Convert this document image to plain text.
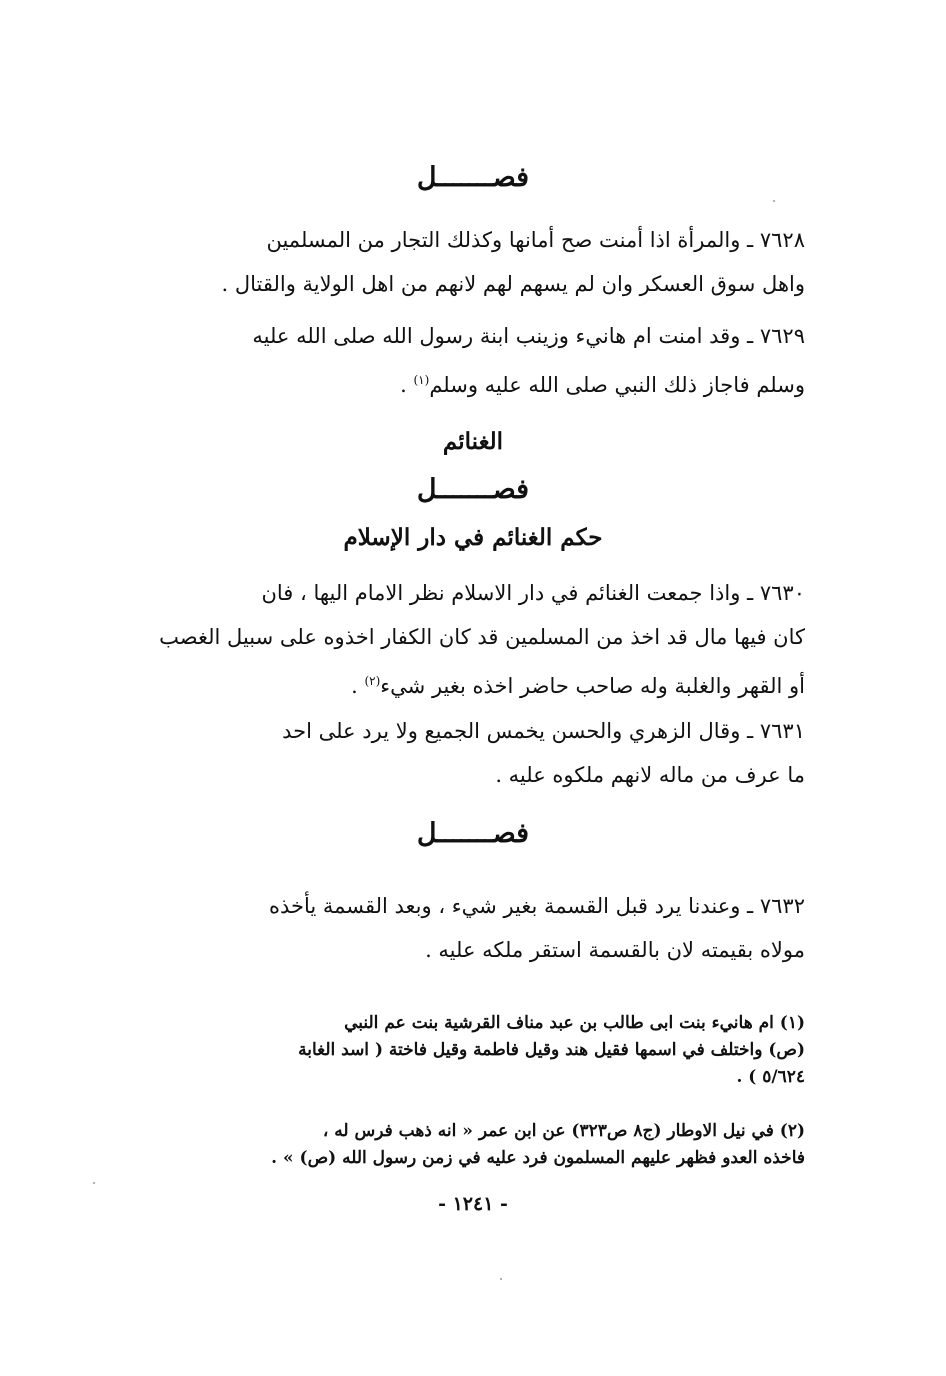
فصـــــــل
٧٦٢٨ ـ والمرأة اذا أمنت صح أمانها وكذلك التجار من المسلمين
واهل سوق العسكر وان لم يسهم لهم لانهم من اهل الولاية والقتال .
٧٦٢٩ ـ وقد امنت ام هانيء وزينب ابنة رسول الله صلى الله عليه
وسلم فاجاز ذلك النبي صلى الله عليه وسلم$^{(١)}$ .
الغنائم
فصـــــــل
حكم الغنائم في دار الإسلام
٧٦٣٠ ـ واذا جمعت الغنائم في دار الاسلام نظر الامام اليها ، فان
كان فيها مال قد اخذ من المسلمين قد كان الكفار اخذوه على سبيل الغصب
أو القهر والغلبة وله صاحب حاضر اخذه بغير شيء$^{(٢)}$ .
٧٦٣١ ـ وقال الزهري والحسن يخمس الجميع ولا يرد على احد
ما عرف من ماله لانهم ملكوه عليه .
فصـــــــل
٧٦٣٢ ـ وعندنا يرد قبل القسمة بغير شيء ، وبعد القسمة يأخذه
مولاه بقيمته لان بالقسمة استقر ملكه عليه .
(١) ام هانيء بنت ابى طالب بن عبد مناف القرشية بنت عم النبي
(ص) واختلف في اسمها فقيل هند وقيل فاطمة وقيل فاختة ( اسد الغابة
٥/٦٢٤ ) .
(٢) في نيل الاوطار (ج٨ ص٣٢٣) عن ابن عمر « انه ذهب فرس له ،
فاخذه العدو فظهر عليهم المسلمون فرد عليه في زمن رسول الله (ص) » .
- ١٢٤١ -
